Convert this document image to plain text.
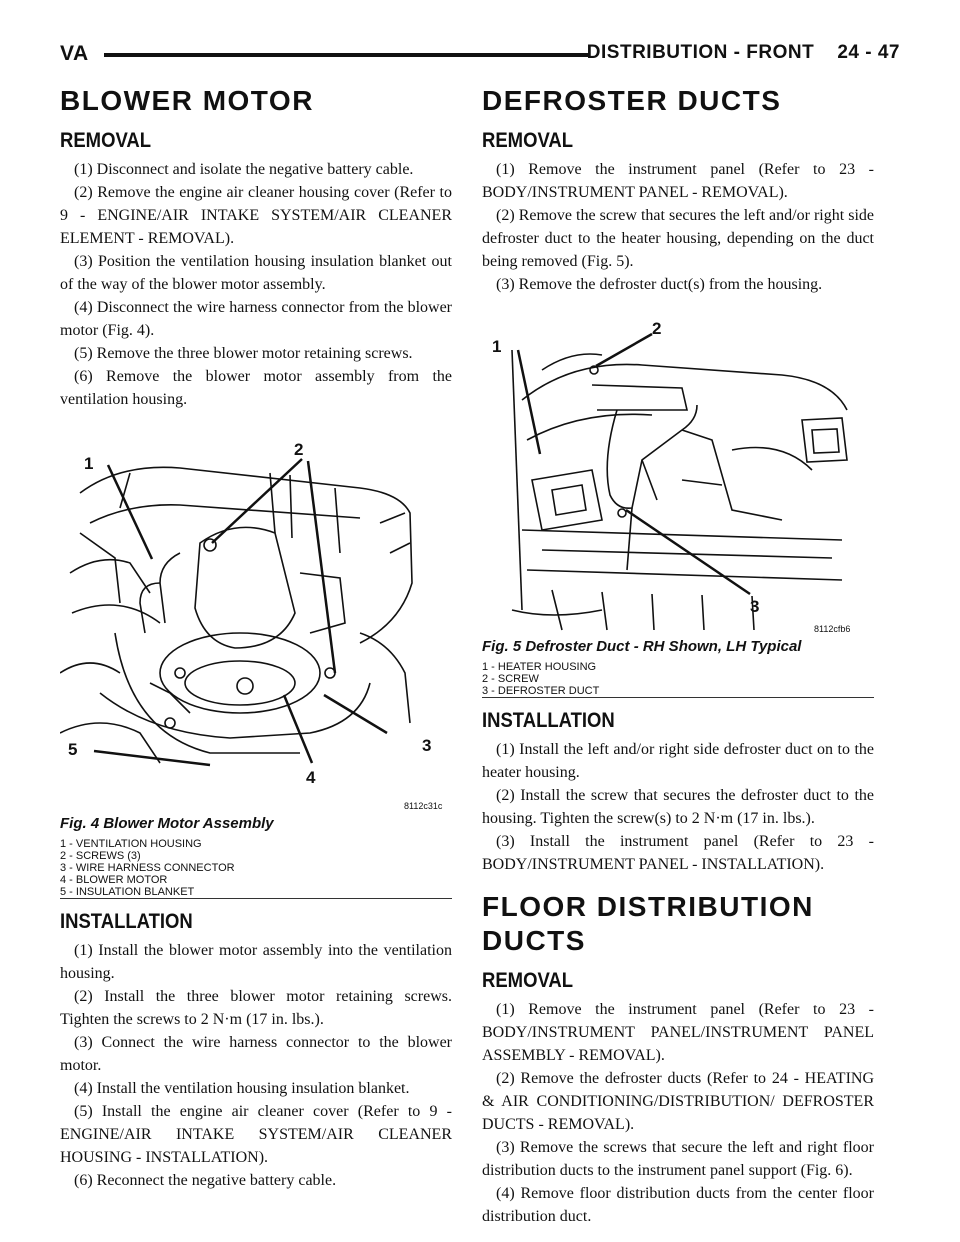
VA	DISTRIBUTION - FRONT    24 - 47
BLOWER MOTOR
REMOVAL

(1) Disconnect and isolate the negative battery cable.

(2) Remove the engine air cleaner housing cover (Refer to 9 - ENGINE/AIR INTAKE SYSTEM/AIR CLEANER ELEMENT - REMOVAL).

(3) Position the ventilation housing insulation blanket out of the way of the blower motor assembly.

(4) Disconnect the wire harness connector from the blower motor (Fig. 4).

(5) Remove the three blower motor retaining screws.

(6) Remove the blower motor assembly from the ventilation housing.

1
2
3
4
5
8112c31c
Fig. 4 Blower Motor Assembly
1 - VENTILATION HOUSING
2 - SCREWS (3)
3 - WIRE HARNESS CONNECTOR
4 - BLOWER MOTOR
5 - INSULATION BLANKET
INSTALLATION

(1) Install the blower motor assembly into the ventilation housing.

(2) Install the three blower motor retaining screws. Tighten the screws to 2 N·m (17 in. lbs.).

(3) Connect the wire harness connector to the blower motor.

(4) Install the ventilation housing insulation blanket.

(5) Install the engine air cleaner cover (Refer to 9 - ENGINE/AIR INTAKE SYSTEM/AIR CLEANER HOUSING - INSTALLATION).

(6) Reconnect the negative battery cable.

DEFROSTER DUCTS
REMOVAL

(1) Remove the instrument panel (Refer to 23 - BODY/INSTRUMENT PANEL - REMOVAL).

(2) Remove the screw that secures the left and/or right side defroster duct to the heater housing, depending on the duct being removed (Fig. 5).

(3) Remove the defroster duct(s) from the housing.

1
2
3
8112cfb6
Fig. 5 Defroster Duct - RH Shown, LH Typical
1 - HEATER HOUSING
2 - SCREW
3 - DEFROSTER DUCT
INSTALLATION

(1) Install the left and/or right side defroster duct on to the heater housing.

(2) Install the screw that secures the defroster duct to the housing. Tighten the screw(s) to 2 N·m (17 in. lbs.).

(3) Install the instrument panel (Refer to 23 - BODY/INSTRUMENT PANEL - INSTALLATION).

FLOOR DISTRIBUTION DUCTS
REMOVAL

(1) Remove the instrument panel (Refer to 23 - BODY/INSTRUMENT PANEL/INSTRUMENT PANEL ASSEMBLY - REMOVAL).

(2) Remove the defroster ducts (Refer to 24 - HEATING & AIR CONDITIONING/DISTRIBUTION/ DEFROSTER DUCTS - REMOVAL).

(3) Remove the screws that secure the left and right floor distribution ducts to the instrument panel support (Fig. 6).

(4) Remove floor distribution ducts from the center floor distribution duct.
